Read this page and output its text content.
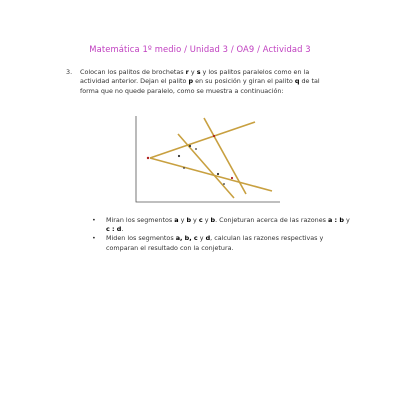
Matemática 1º medio / Unidad 3 / OA9 / Actividad 3
3. Colocan los palitos de brochetas r y s y los palitos paralelos como en la actividad anterior. Dejan el palito p en su posición y giran el palito q de tal forma que no quede paralelo, como se muestra a continuación:
• Miran los segmentos a y b y c y b. Conjeturan acerca de las razones a : b y c : d.
• Miden los segmentos a, b, c y d, calculan las razones respectivas y comparan el resultado con la conjetura.
